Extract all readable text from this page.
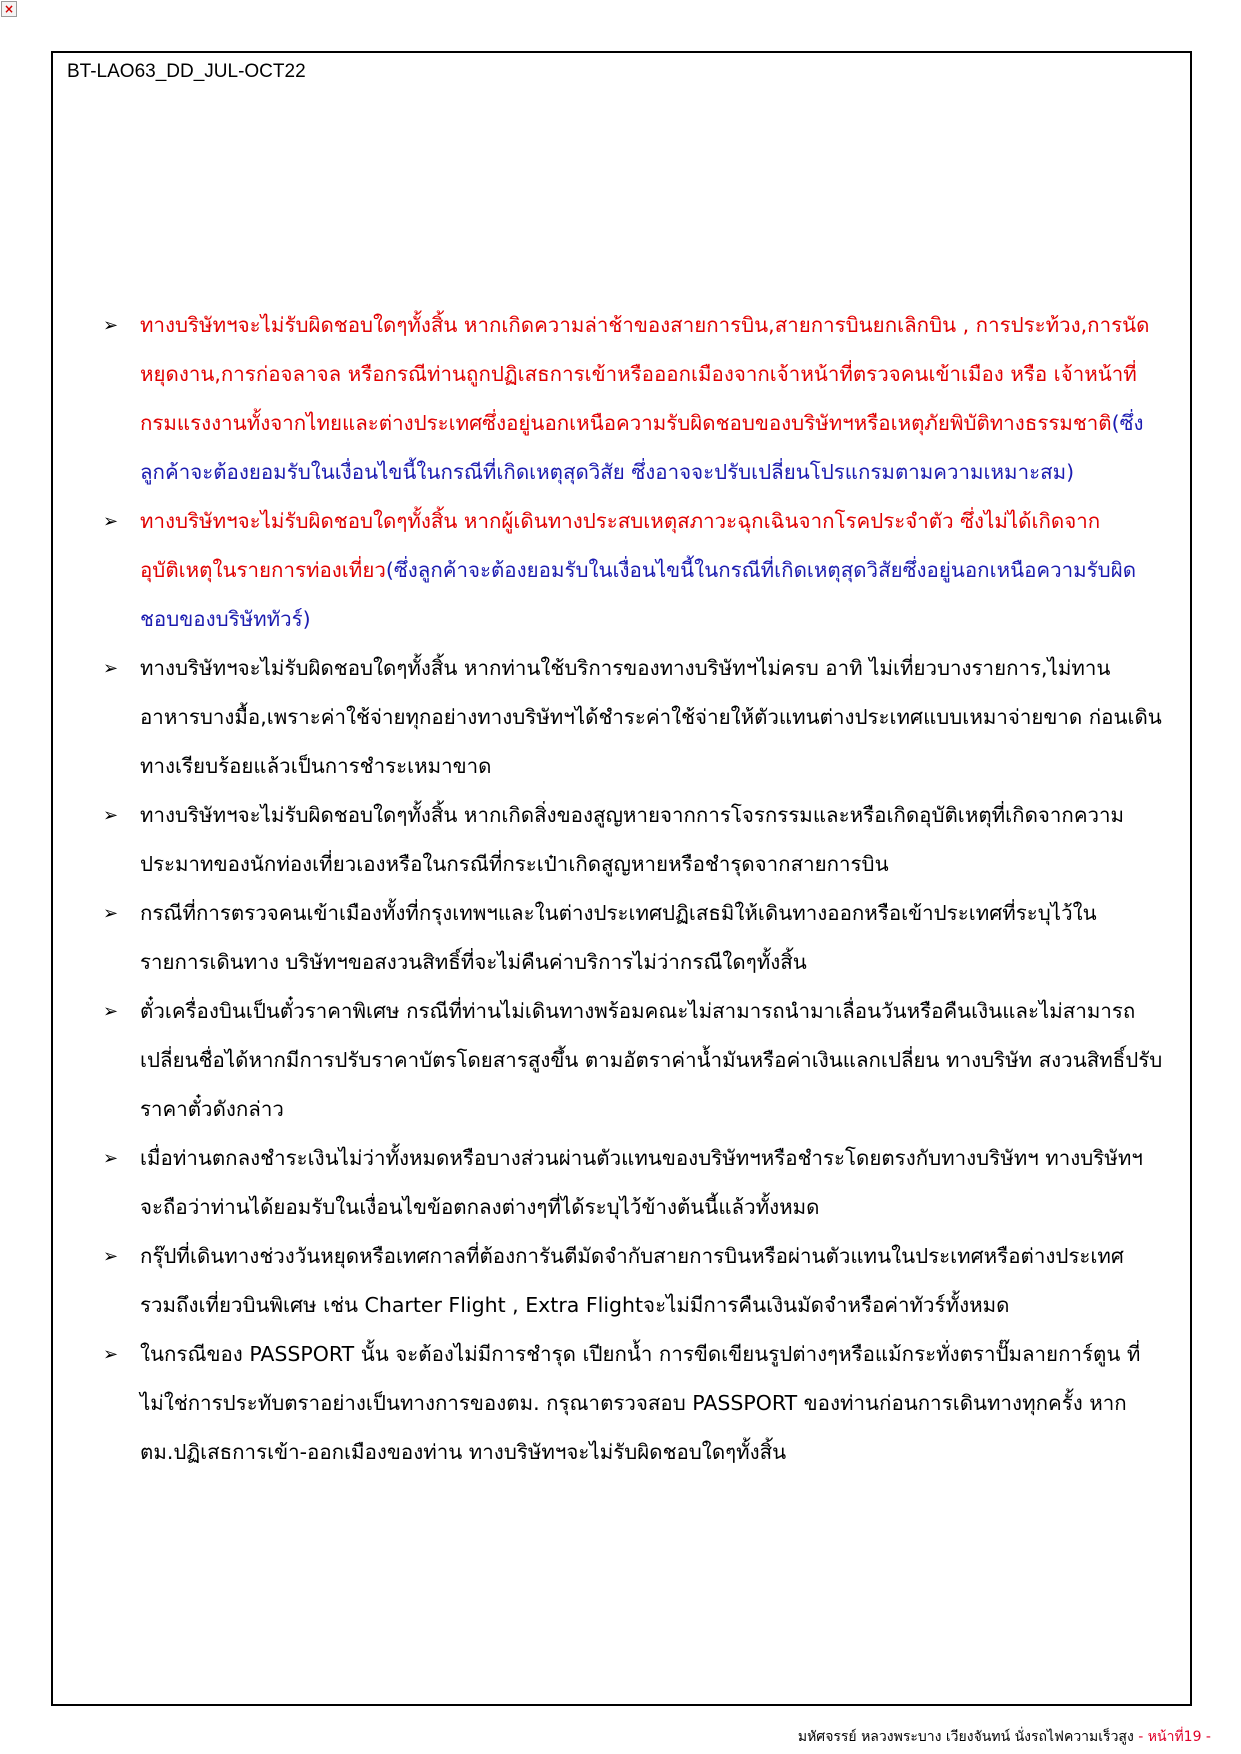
×
BT-LAO63_DD_JUL-OCT22
➢ ทางบริษัทฯจะไม่รับผิดชอบใดๆทั้งสิ้น หากเกิดความล่าช้าของสายการบิน,สายการบินยกเลิกบิน , การประท้วง,การนัดหยุดงาน,การก่อจลาจล หรือกรณีท่านถูกปฏิเสธการเข้าหรือออกเมืองจากเจ้าหน้าที่ตรวจคนเข้าเมือง หรือ เจ้าหน้าที่กรมแรงงานทั้งจากไทยและต่างประเทศซึ่งอยู่นอกเหนือความรับผิดชอบของบริษัทฯหรือเหตุภัยพิบัติทางธรรมชาติ(ซึ่งลูกค้าจะต้องยอมรับในเงื่อนไขนี้ในกรณีที่เกิดเหตุสุดวิสัย ซึ่งอาจจะปรับเปลี่ยนโปรแกรมตามความเหมาะสม)
➢ ทางบริษัทฯจะไม่รับผิดชอบใดๆทั้งสิ้น หากผู้เดินทางประสบเหตุสภาวะฉุกเฉินจากโรคประจำตัว ซึ่งไม่ได้เกิดจากอุบัติเหตุในรายการท่องเที่ยว(ซึ่งลูกค้าจะต้องยอมรับในเงื่อนไขนี้ในกรณีที่เกิดเหตุสุดวิสัยซึ่งอยู่นอกเหนือความรับผิดชอบของบริษัททัวร์)
➢ ทางบริษัทฯจะไม่รับผิดชอบใดๆทั้งสิ้น หากท่านใช้บริการของทางบริษัทฯไม่ครบ อาทิ ไม่เที่ยวบางรายการ,ไม่ทานอาหารบางมื้อ,เพราะค่าใช้จ่ายทุกอย่างทางบริษัทฯได้ชำระค่าใช้จ่ายให้ตัวแทนต่างประเทศแบบเหมาจ่ายขาด ก่อนเดินทางเรียบร้อยแล้วเป็นการชำระเหมาขาด
➢ ทางบริษัทฯจะไม่รับผิดชอบใดๆทั้งสิ้น หากเกิดสิ่งของสูญหายจากการโจรกรรมและหรือเกิดอุบัติเหตุที่เกิดจากความประมาทของนักท่องเที่ยวเองหรือในกรณีที่กระเป๋าเกิดสูญหายหรือชำรุดจากสายการบิน
➢ กรณีที่การตรวจคนเข้าเมืองทั้งที่กรุงเทพฯและในต่างประเทศปฏิเสธมิให้เดินทางออกหรือเข้าประเทศที่ระบุไว้ในรายการเดินทาง บริษัทฯขอสงวนสิทธิ์ที่จะไม่คืนค่าบริการไม่ว่ากรณีใดๆทั้งสิ้น
➢ ตั๋วเครื่องบินเป็นตั๋วราคาพิเศษ กรณีที่ท่านไม่เดินทางพร้อมคณะไม่สามารถนำมาเลื่อนวันหรือคืนเงินและไม่สามารถเปลี่ยนชื่อได้หากมีการปรับราคาบัตรโดยสารสูงขึ้น ตามอัตราค่าน้ำมันหรือค่าเงินแลกเปลี่ยน ทางบริษัท สงวนสิทธิ์ปรับราคาตั๋วดังกล่าว
➢ เมื่อท่านตกลงชำระเงินไม่ว่าทั้งหมดหรือบางส่วนผ่านตัวแทนของบริษัทฯหรือชำระโดยตรงกับทางบริษัทฯ ทางบริษัทฯจะถือว่าท่านได้ยอมรับในเงื่อนไขข้อตกลงต่างๆที่ได้ระบุไว้ข้างต้นนี้แล้วทั้งหมด
➢ กรุ๊ปที่เดินทางช่วงวันหยุดหรือเทศกาลที่ต้องการันตีมัดจำกับสายการบินหรือผ่านตัวแทนในประเทศหรือต่างประเทศ รวมถึงเที่ยวบินพิเศษ เช่น Charter Flight , Extra Flightจะไม่มีการคืนเงินมัดจำหรือค่าทัวร์ทั้งหมด
➢ ในกรณีของ PASSPORT นั้น จะต้องไม่มีการชำรุด เปียกน้ำ การขีดเขียนรูปต่างๆหรือแม้กระทั่งตราปั๊มลายการ์ตูน ที่ไม่ใช่การประทับตราอย่างเป็นทางการของตม. กรุณาตรวจสอบ PASSPORT ของท่านก่อนการเดินทางทุกครั้ง หาก ตม.ปฏิเสธการเข้า-ออกเมืองของท่าน ทางบริษัทฯจะไม่รับผิดชอบใดๆทั้งสิ้น
มหัศจรรย์ หลวงพระบาง เวียงจันทน์ นั่งรถไฟความเร็วสูง - หน้าที่19 -
